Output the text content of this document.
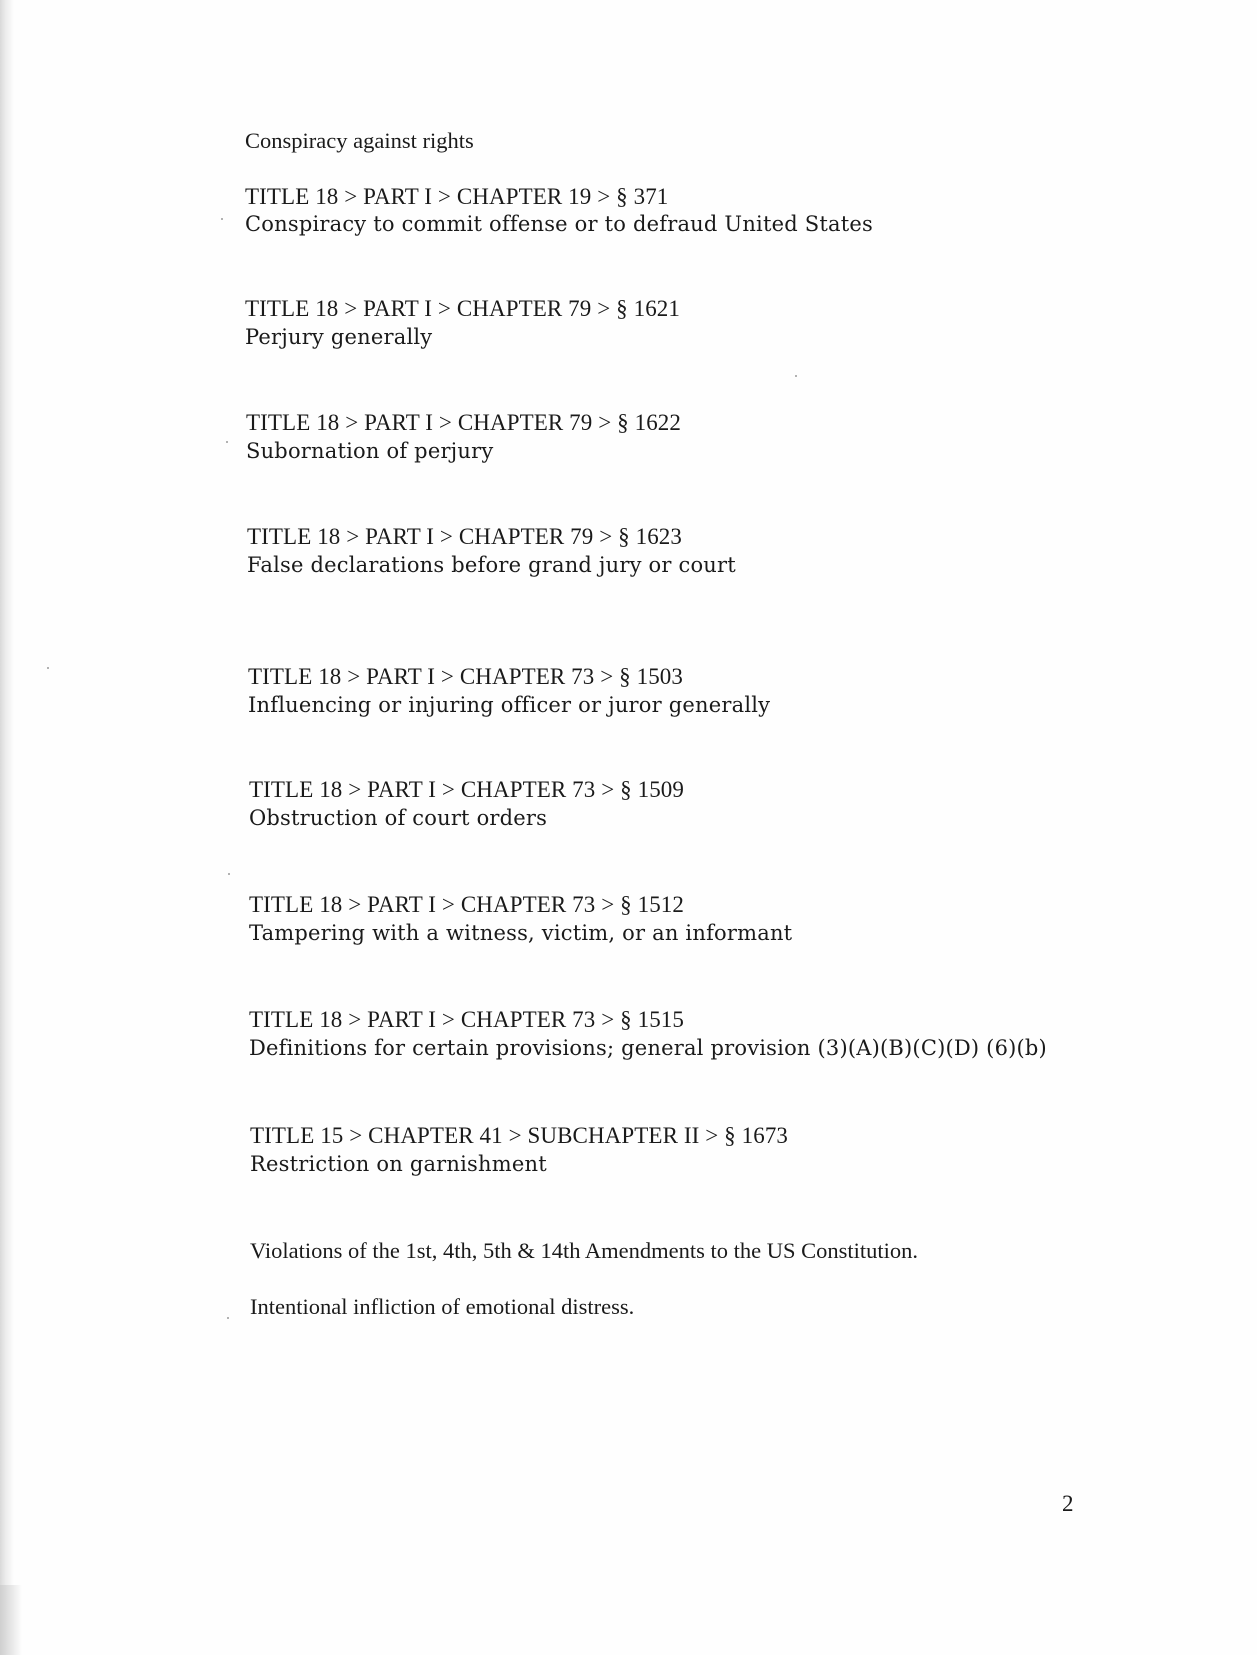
Conspiracy against rights

TITLE 18 > PART I > CHAPTER 19 > § 371

Conspiracy to commit offense or to defraud United States

TITLE 18 > PART I > CHAPTER 79 > § 1621

Perjury generally

TITLE 18 > PART I > CHAPTER 79 > § 1622

Subornation of perjury

TITLE 18 > PART I > CHAPTER 79 > § 1623

False declarations before grand jury or court

TITLE 18 > PART I > CHAPTER 73 > § 1503

Influencing or injuring officer or juror generally

TITLE 18 > PART I > CHAPTER 73 > § 1509

Obstruction of court orders

TITLE 18 > PART I > CHAPTER 73 > § 1512

Tampering with a witness, victim, or an informant

TITLE 18 > PART I > CHAPTER 73 > § 1515

Definitions for certain provisions; general provision (3)(A)(B)(C)(D) (6)(b)

TITLE 15 > CHAPTER 41 > SUBCHAPTER II > § 1673

Restriction on garnishment

Violations of the 1st, 4th, 5th & 14th Amendments to the US Constitution.

Intentional infliction of emotional distress.

2
